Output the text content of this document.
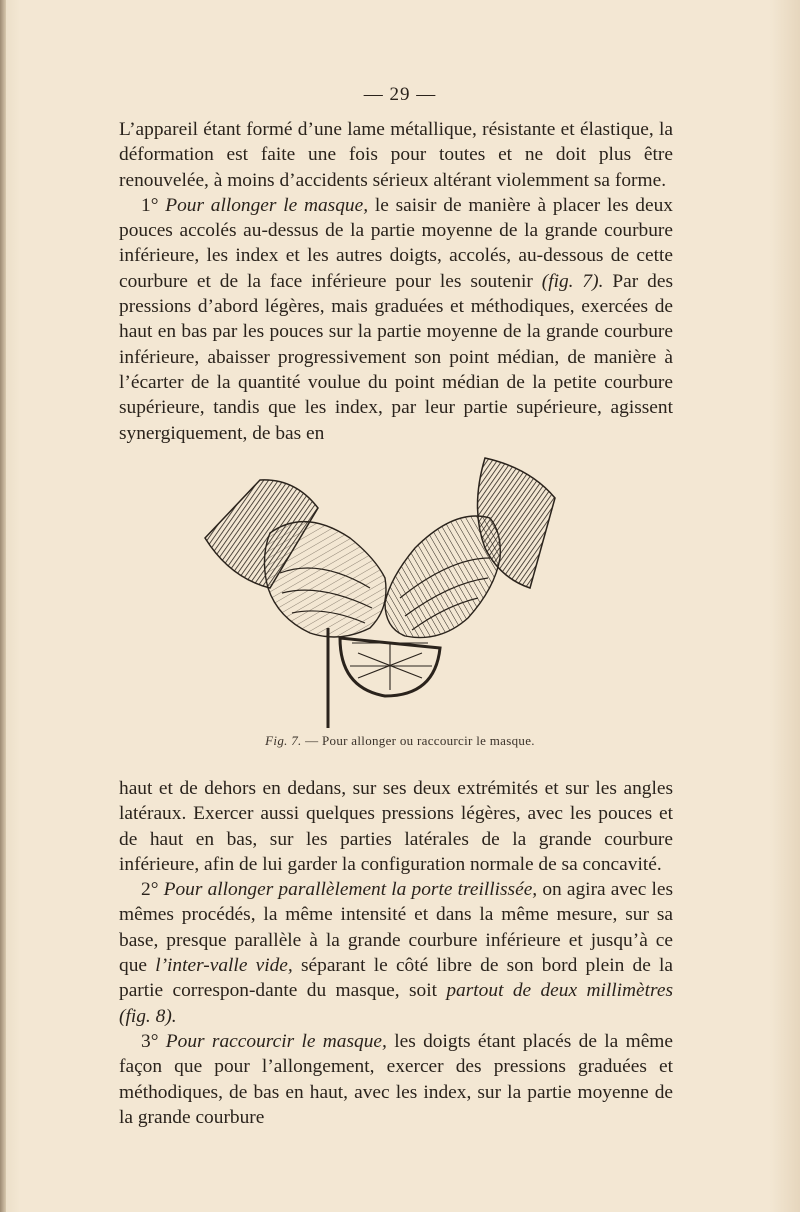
— 29 —

L’appareil étant formé d’une lame métallique, résistante et élastique, la déformation est faite une fois pour toutes et ne doit plus être renouvelée, à moins d’accidents sérieux altérant violemment sa forme.

1° Pour allonger le masque, le saisir de manière à placer les deux pouces accolés au-dessus de la partie moyenne de la grande courbure inférieure, les index et les autres doigts, accolés, au-dessous de cette courbure et de la face inférieure pour les soutenir (fig. 7). Par des pressions d’abord légères, mais graduées et méthodiques, exercées de haut en bas par les pouces sur la partie moyenne de la grande courbure inférieure, abaisser progressivement son point médian, de manière à l’écarter de la quantité voulue du point médian de la petite courbure supérieure, tandis que les index, par leur partie supérieure, agissent synergiquement, de bas en

Fig. 7. — Pour allonger ou raccourcir le masque.

haut et de dehors en dedans, sur ses deux extrémités et sur les angles latéraux. Exercer aussi quelques pressions légères, avec les pouces et de haut en bas, sur les parties latérales de la grande courbure inférieure, afin de lui garder la configuration normale de sa concavité.

2° Pour allonger parallèlement la porte treillissée, on agira avec les mêmes procédés, la même intensité et dans la même mesure, sur sa base, presque parallèle à la grande courbure inférieure et jusqu’à ce que l’inter-valle vide, séparant le côté libre de son bord plein de la partie correspon-dante du masque, soit partout de deux millimètres (fig. 8).

3° Pour raccourcir le masque, les doigts étant placés de la même façon que pour l’allongement, exercer des pressions graduées et méthodiques, de bas en haut, avec les index, sur la partie moyenne de la grande courbure
